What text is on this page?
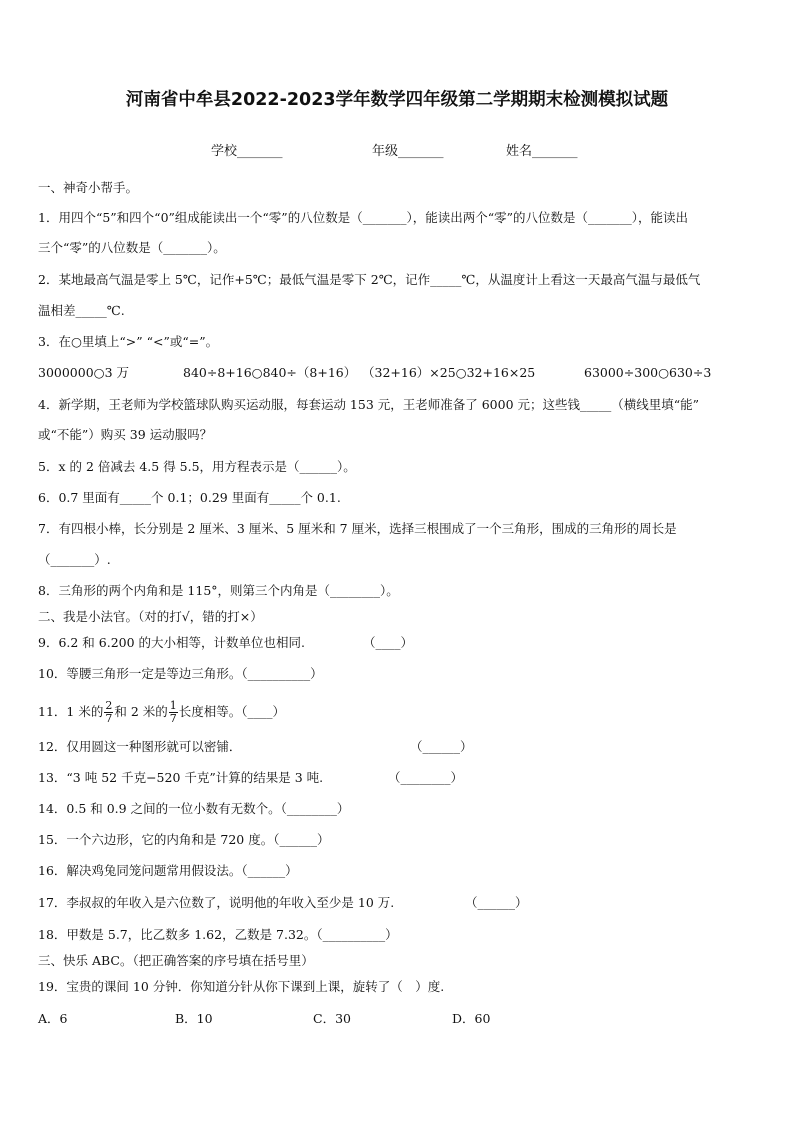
河南省中牟县2022-2023学年数学四年级第二学期期末检测模拟试题
学校_______	年级_______	姓名_______
一、神奇小帮手。
1．用四个“5”和四个“0”组成能读出一个“零”的八位数是（_______），能读出两个“零”的八位数是（_______），能读出
三个“零”的八位数是（_______）。
2．某地最高气温是零上 5℃，记作+5℃；最低气温是零下 2℃，记作_____℃，从温度计上看这一天最高气温与最低气
温相差_____℃.
3．在○里填上“>” “<”或“=”。
3000000○3 万	840÷8+16○840÷（8+16） （32+16）×25○32+16×25	63000÷300○630÷3
4．新学期，王老师为学校篮球队购买运动服，每套运动 153 元，王老师准备了 6000 元；这些钱_____（横线里填“能”
或“不能”）购买 39 运动服吗？
5．x 的 2 倍减去 4.5 得 5.5，用方程表示是（______）。
6．0.7 里面有_____个 0.1；0.29 里面有_____个 0.1.
7．有四根小棒，长分别是 2 厘米、3 厘米、5 厘米和 7 厘米，选择三根围成了一个三角形，围成的三角形的周长是
（_______）.
8．三角形的两个内角和是 115°，则第三个内角是（________）。
二、我是小法官。（对的打√，错的打×）
9．6.2 和 6.200 的大小相等，计数单位也相同.	（____）
10．等腰三角形一定是等边三角形。（__________）
11．1 米的 $\frac{2}{7}$ 和 2 米的 $\frac{1}{7}$ 长度相等。（____）
12．仅用圆这一种图形就可以密铺．	（______）
13．“3 吨 52 千克−520 千克”计算的结果是 3 吨.	（________）
14．0.5 和 0.9 之间的一位小数有无数个。（________）
15．一个六边形，它的内角和是 720 度。（______）
16．解决鸡兔同笼问题常用假设法。（______）
17．李叔叔的年收入是六位数了，说明他的年收入至少是 10 万.	（______）
18．甲数是 5.7，比乙数多 1.62，乙数是 7.32。（__________）
三、快乐 ABC。（把正确答案的序号填在括号里）
19．宝贵的课间 10 分钟．你知道分针从你下课到上课，旋转了（　）度.
A．6	B．10	C．30	D．60
